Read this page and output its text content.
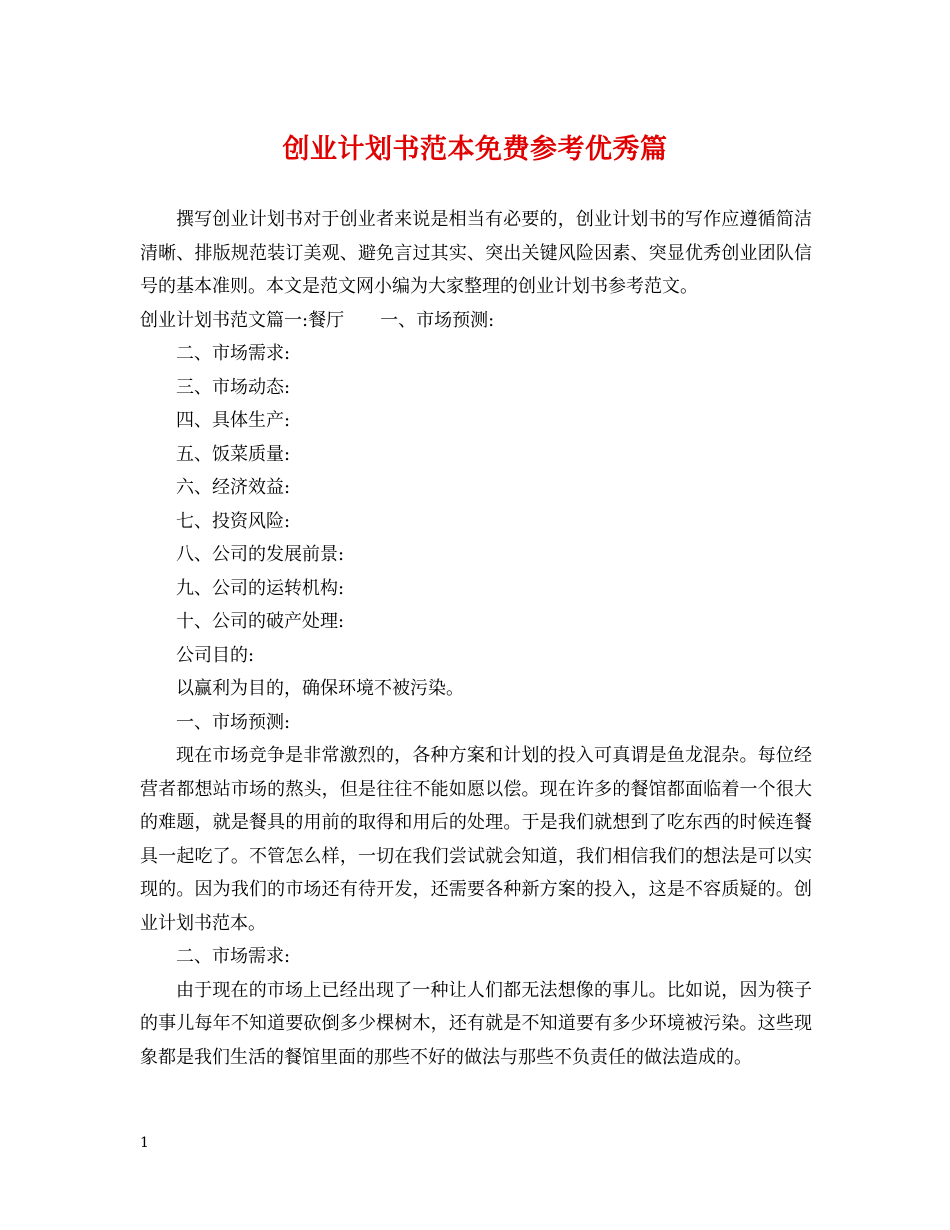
创业计划书范本免费参考优秀篇

撰写创业计划书对于创业者来说是相当有必要的，创业计划书的写作应遵循简洁清晰、排版规范装订美观、避免言过其实、突出关键风险因素、突显优秀创业团队信号的基本准则。本文是范文网小编为大家整理的创业计划书参考范文。

创业计划书范文篇一:餐厅 一、市场预测:

二、市场需求:

三、市场动态:

四、具体生产:

五、饭菜质量:

六、经济效益:

七、投资风险:

八、公司的发展前景:

九、公司的运转机构:

十、公司的破产处理:

公司目的:

以赢利为目的，确保环境不被污染。

一、市场预测:

现在市场竞争是非常激烈的，各种方案和计划的投入可真谓是鱼龙混杂。每位经营者都想站市场的熬头，但是往往不能如愿以偿。现在许多的餐馆都面临着一个很大的难题，就是餐具的用前的取得和用后的处理。于是我们就想到了吃东西的时候连餐具一起吃了。不管怎么样，一切在我们尝试就会知道，我们相信我们的想法是可以实现的。因为我们的市场还有待开发，还需要各种新方案的投入，这是不容质疑的。创业计划书范本。

二、市场需求:

由于现在的市场上已经出现了一种让人们都无法想像的事儿。比如说，因为筷子的事儿每年不知道要砍倒多少棵树木，还有就是不知道要有多少环境被污染。这些现象都是我们生活的餐馆里面的那些不好的做法与那些不负责任的做法造成的。

1
